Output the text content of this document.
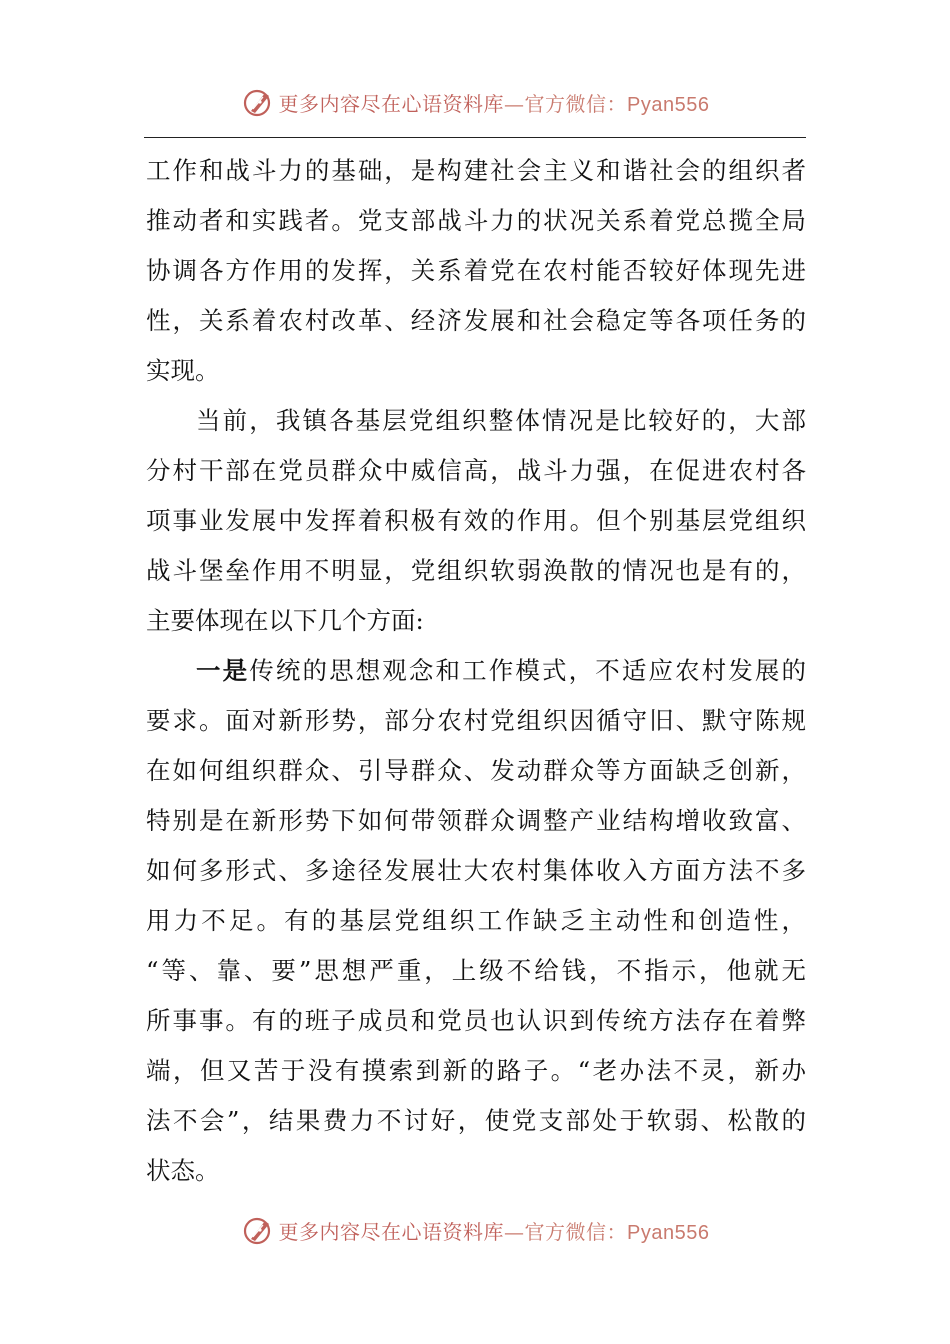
更多内容尽在心语资料库—官方微信：Pyan556
工作和战斗力的基础，是构建社会主义和谐社会的组织者
推动者和实践者。党支部战斗力的状况关系着党总揽全局
协调各方作用的发挥，关系着党在农村能否较好体现先进
性，关系着农村改革、经济发展和社会稳定等各项任务的
实现。
当前，我镇各基层党组织整体情况是比较好的，大部
分村干部在党员群众中威信高，战斗力强，在促进农村各
项事业发展中发挥着积极有效的作用。但个别基层党组织
战斗堡垒作用不明显，党组织软弱涣散的情况也是有的，
主要体现在以下几个方面:
一是传统的思想观念和工作模式，不适应农村发展的
要求。面对新形势，部分农村党组织因循守旧、默守陈规
在如何组织群众、引导群众、发动群众等方面缺乏创新，
特别是在新形势下如何带领群众调整产业结构增收致富、
如何多形式、多途径发展壮大农村集体收入方面方法不多
用力不足。有的基层党组织工作缺乏主动性和创造性，
“等、靠、要”思想严重，上级不给钱，不指示，他就无
所事事。有的班子成员和党员也认识到传统方法存在着弊
端，但又苦于没有摸索到新的路子。“老办法不灵，新办
法不会”，结果费力不讨好，使党支部处于软弱、松散的
状态。
更多内容尽在心语资料库—官方微信：Pyan556
